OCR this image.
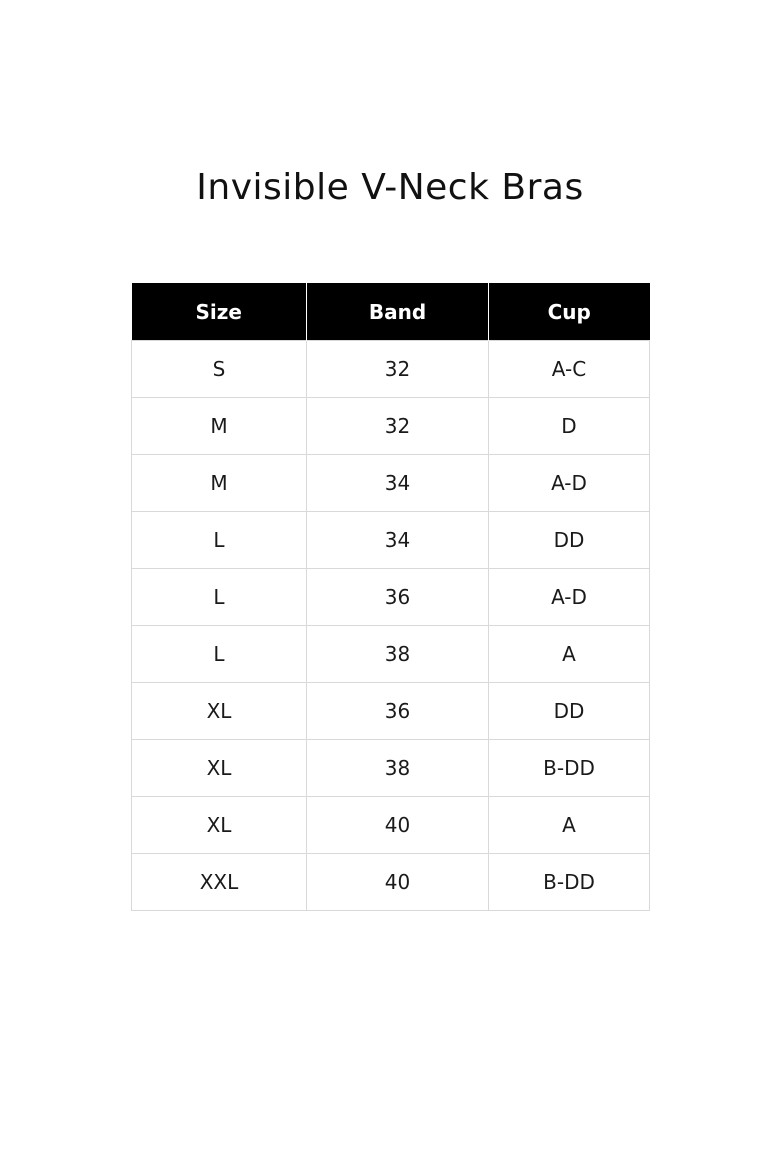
Invisible V-Neck Bras
Size	Band	Cup
S	32	A-C
M	32	D
M	34	A-D
L	34	DD
L	36	A-D
L	38	A
XL	36	DD
XL	38	B-DD
XL	40	A
XXL	40	B-DD
